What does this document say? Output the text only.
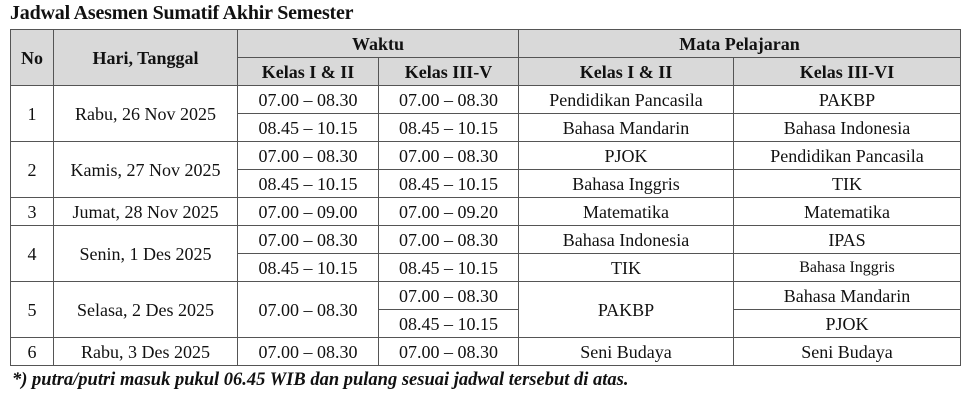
Jadwal Asesmen Sumatif Akhir Semester
No	Hari, Tanggal	Waktu		Mata Pelajaran	
		Kelas I & II	Kelas III-V	Kelas I & II	Kelas III-VI
1	Rabu, 26 Nov 2025	07.00 – 08.30	07.00 – 08.30	Pendidikan Pancasila	PAKBP
		08.45 – 10.15	08.45 – 10.15	Bahasa Mandarin	Bahasa Indonesia
2	Kamis, 27 Nov 2025	07.00 – 08.30	07.00 – 08.30	PJOK	Pendidikan Pancasila
		08.45 – 10.15	08.45 – 10.15	Bahasa Inggris	TIK
3	Jumat, 28 Nov 2025	07.00 – 09.00	07.00 – 09.20	Matematika	Matematika
4	Senin, 1 Des 2025	07.00 – 08.30	07.00 – 08.30	Bahasa Indonesia	IPAS
		08.45 – 10.15	08.45 – 10.15	TIK	Bahasa Inggris
5	Selasa, 2 Des 2025	07.00 – 08.30	07.00 – 08.30	PAKBP	Bahasa Mandarin
			08.45 – 10.15		PJOK
6	Rabu, 3 Des 2025	07.00 – 08.30	07.00 – 08.30	Seni Budaya	Seni Budaya
*) putra/putri masuk pukul 06.45 WIB dan pulang sesuai jadwal tersebut di atas.
